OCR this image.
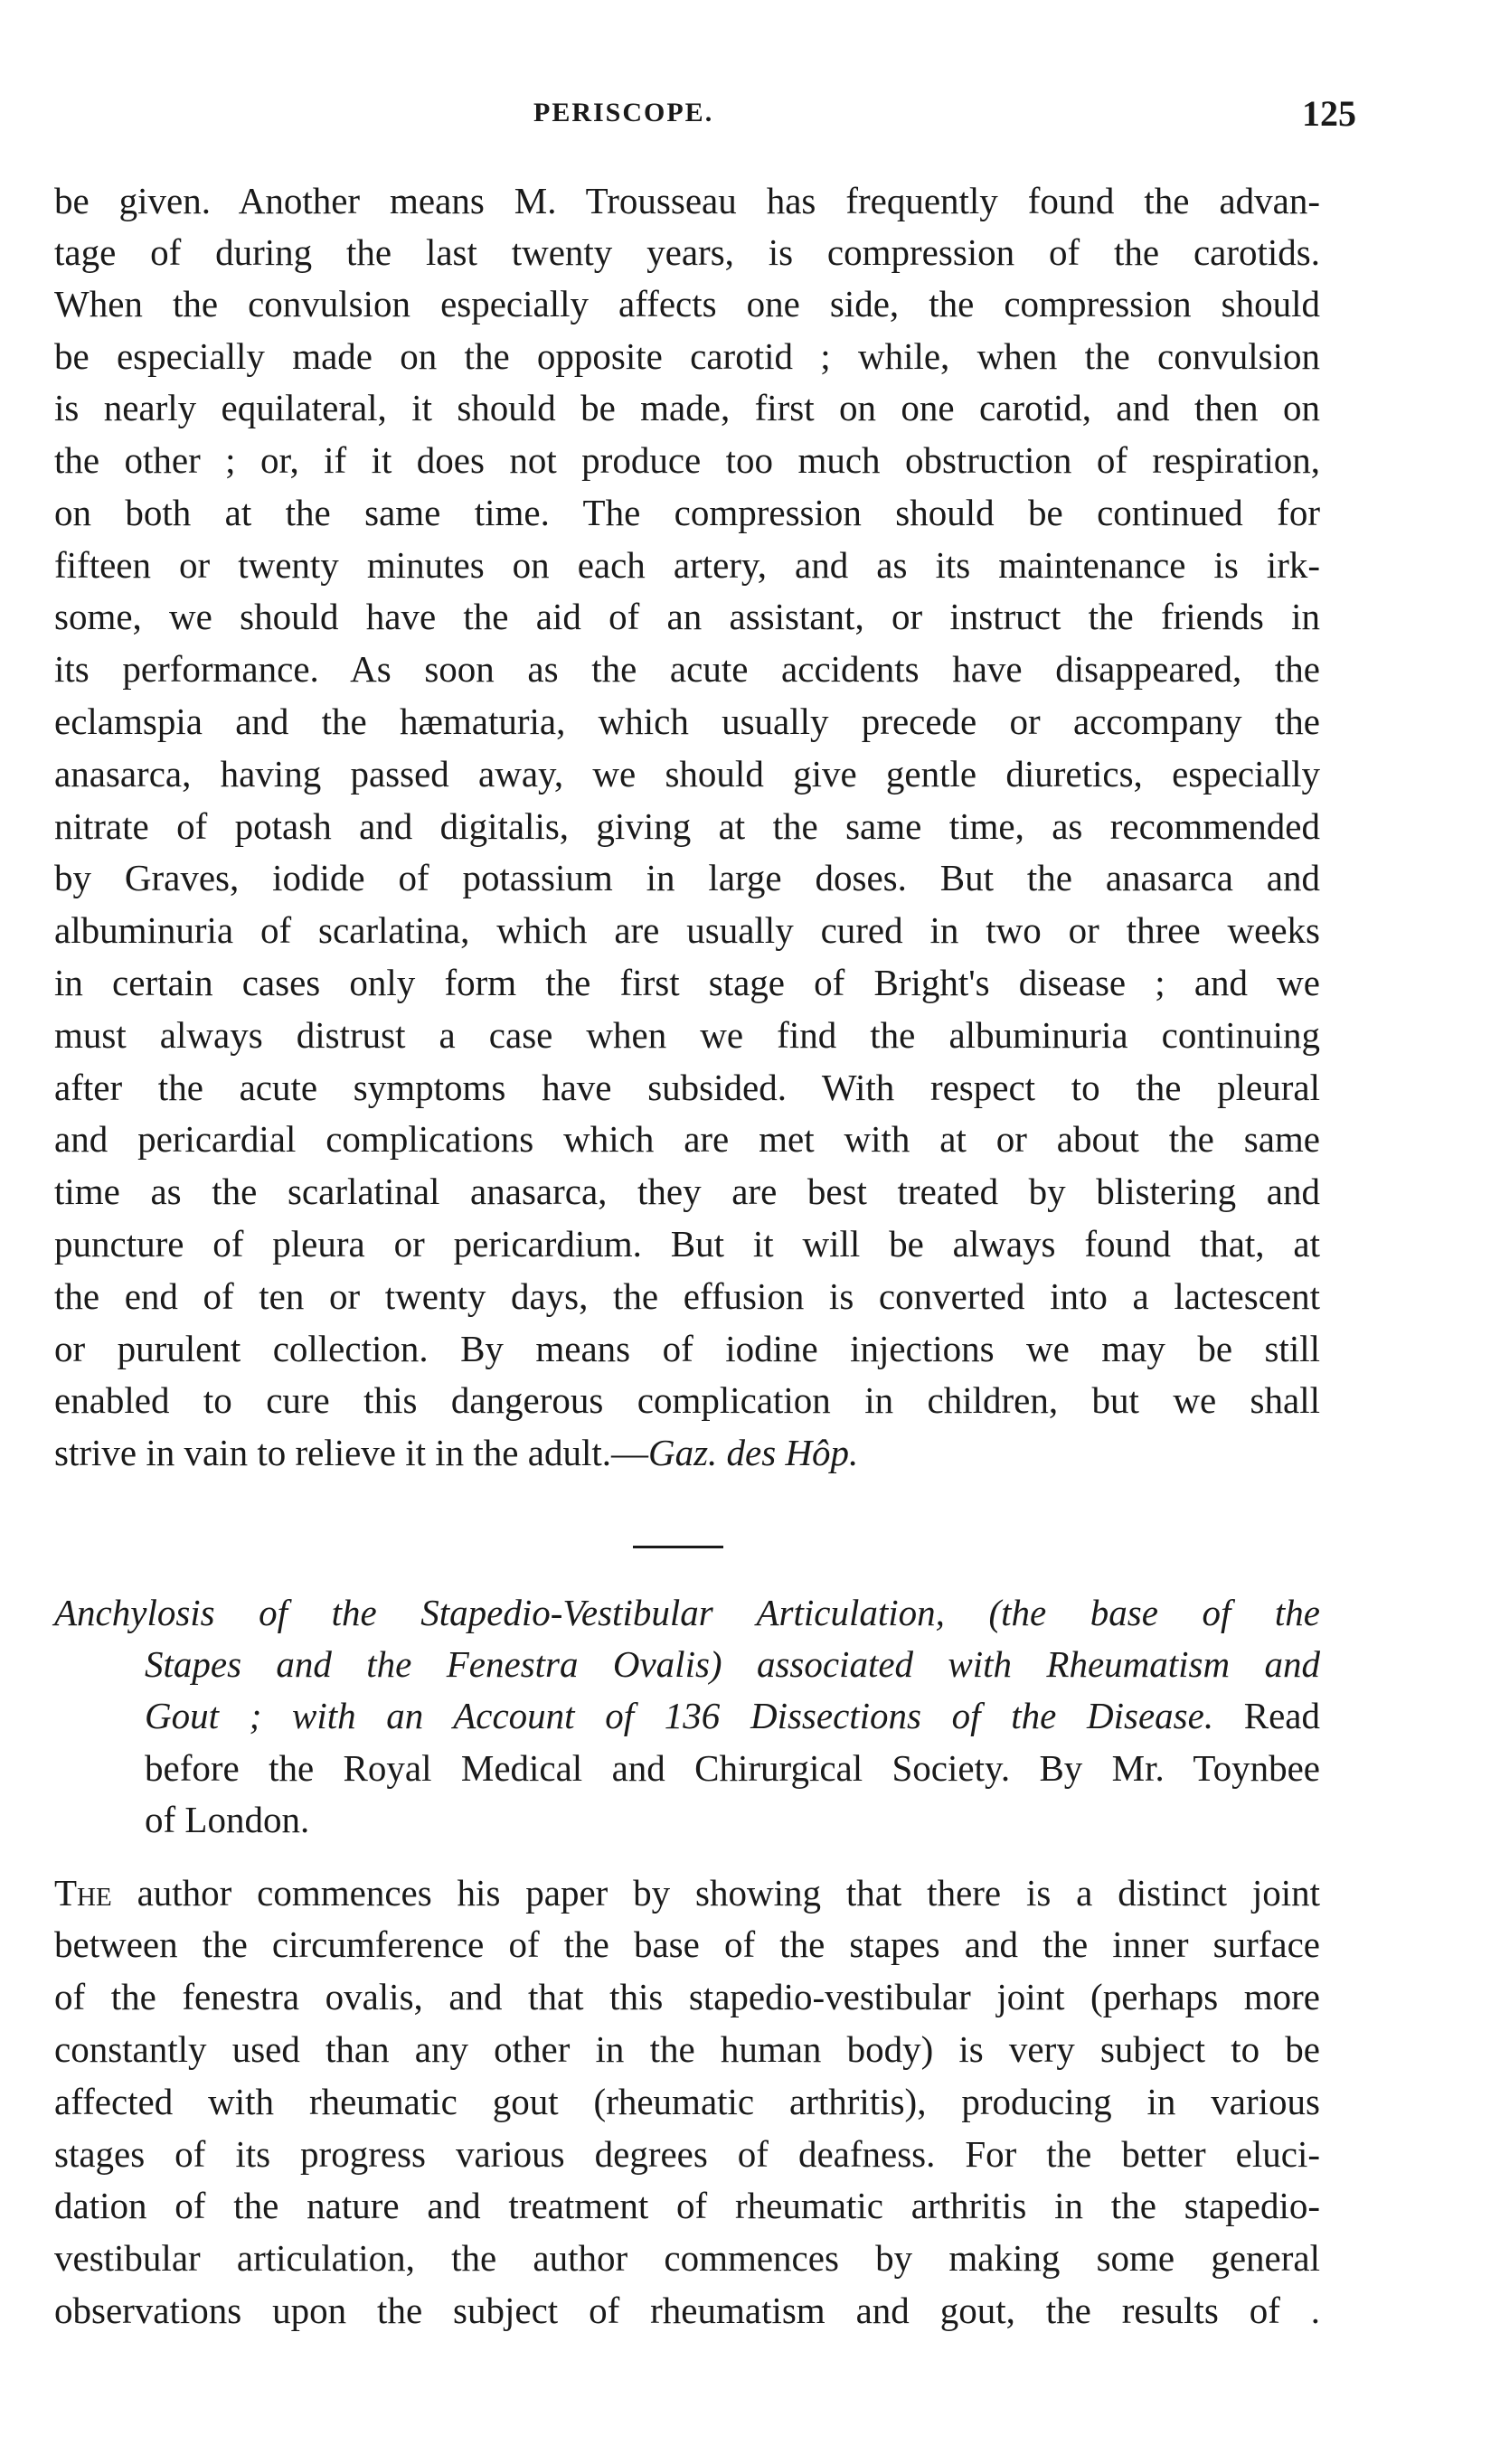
PERISCOPE.	125
be given. Another means M. Trousseau has frequently found the advan-
tage of during the last twenty years, is compression of the carotids.
When the convulsion especially affects one side, the compression should
be especially made on the opposite carotid ; while, when the convulsion
is nearly equilateral, it should be made, first on one carotid, and then on
the other ; or, if it does not produce too much obstruction of respiration,
on both at the same time. The compression should be continued for
fifteen or twenty minutes on each artery, and as its maintenance is irk-
some, we should have the aid of an assistant, or instruct the friends in
its performance. As soon as the acute accidents have disappeared, the
eclamspia and the hæmaturia, which usually precede or accompany the
anasarca, having passed away, we should give gentle diuretics, especially
nitrate of potash and digitalis, giving at the same time, as recommended
by Graves, iodide of potassium in large doses. But the anasarca and
albuminuria of scarlatina, which are usually cured in two or three weeks
in certain cases only form the first stage of Bright's disease ; and we
must always distrust a case when we find the albuminuria continuing
after the acute symptoms have subsided. With respect to the pleural
and pericardial complications which are met with at or about the same
time as the scarlatinal anasarca, they are best treated by blistering and
puncture of pleura or pericardium. But it will be always found that, at
the end of ten or twenty days, the effusion is converted into a lactescent
or purulent collection. By means of iodine injections we may be still
enabled to cure this dangerous complication in children, but we shall
strive in vain to relieve it in the adult.—Gaz. des Hôp.
Anchylosis of the Stapedio-Vestibular Articulation, (the base of the
Stapes and the Fenestra Ovalis) associated with Rheumatism and
Gout ; with an Account of 136 Dissections of the Disease. Read
before the Royal Medical and Chirurgical Society. By Mr. Toynbee
of London.
The author commences his paper by showing that there is a distinct joint
between the circumference of the base of the stapes and the inner surface
of the fenestra ovalis, and that this stapedio-vestibular joint (perhaps more
constantly used than any other in the human body) is very subject to be
affected with rheumatic gout (rheumatic arthritis), producing in various
stages of its progress various degrees of deafness. For the better eluci-
dation of the nature and treatment of rheumatic arthritis in the stapedio-
vestibular articulation, the author commences by making some general
observations upon the subject of rheumatism and gout, the results of .
